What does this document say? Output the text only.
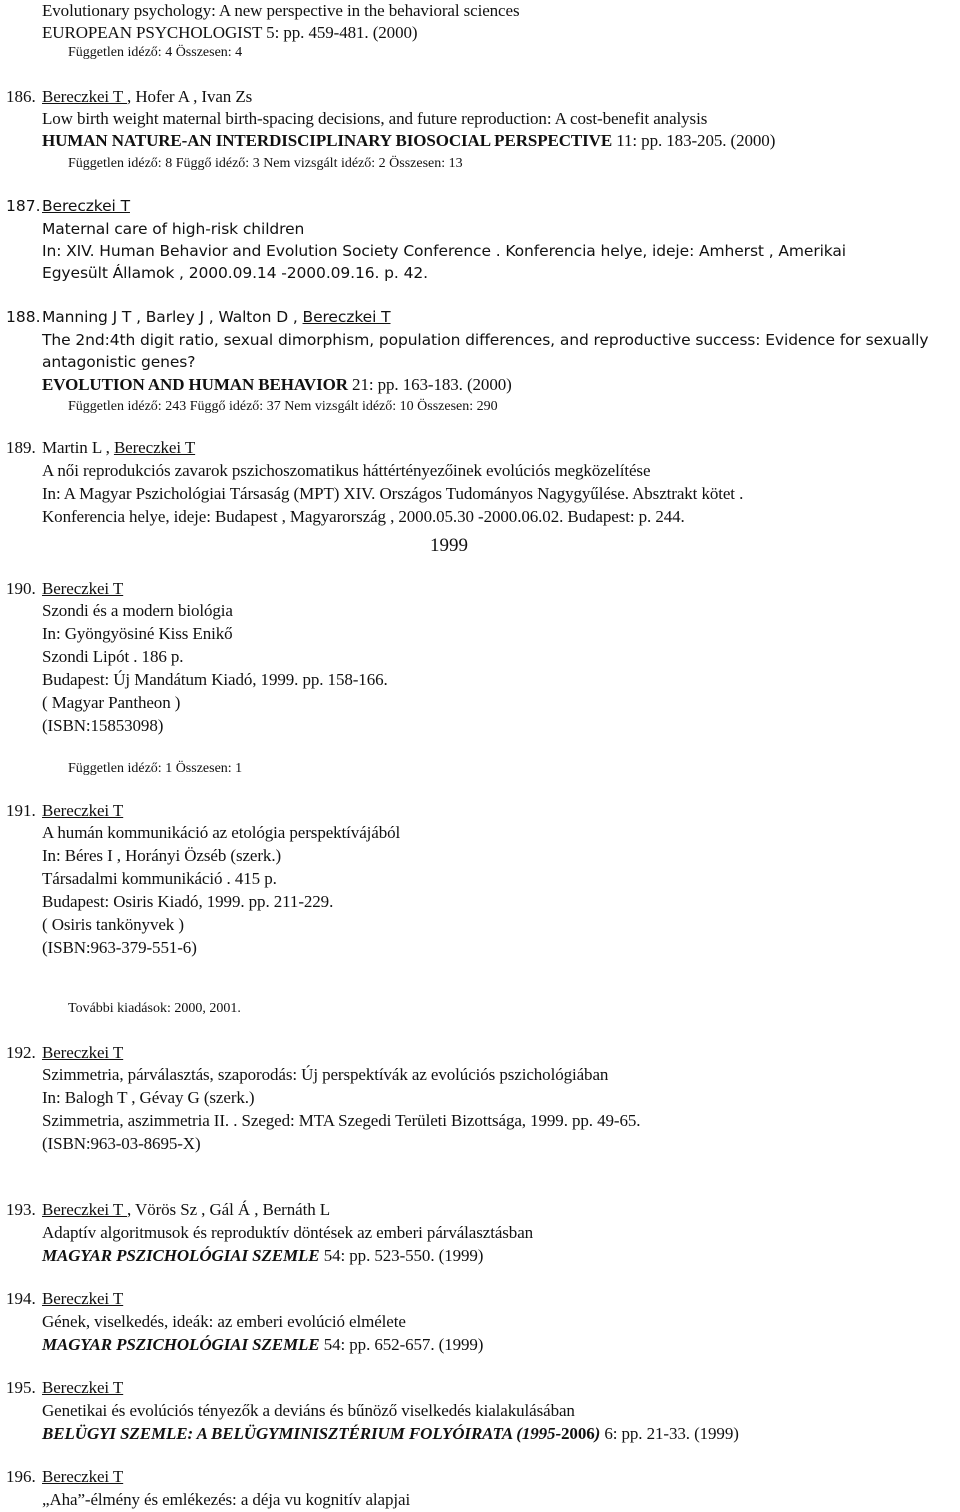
Evolutionary psychology: A new perspective in the behavioral sciences
EUROPEAN PSYCHOLOGIST 5: pp. 459-481. (2000)
Független idéző: 4 Összesen: 4
186. Bereczkei T , Hofer A , Ivan Zs
Low birth weight maternal birth-spacing decisions, and future reproduction: A cost-benefit analysis
HUMAN NATURE-AN INTERDISCIPLINARY BIOSOCIAL PERSPECTIVE 11: pp. 183-205. (2000)
Független idéző: 8 Függő idéző: 3 Nem vizsgált idéző: 2 Összesen: 13
187. Bereczkei T
Maternal care of high-risk children
In: XIV. Human Behavior and Evolution Society Conference . Konferencia helye, ideje: Amherst , Amerikai
Egyesült Államok , 2000.09.14 -2000.09.16. p. 42.
188. Manning J T , Barley J , Walton D , Bereczkei T
The 2nd:4th digit ratio, sexual dimorphism, population differences, and reproductive success: Evidence for sexually
antagonistic genes?
EVOLUTION AND HUMAN BEHAVIOR 21: pp. 163-183. (2000)
Független idéző: 243 Függő idéző: 37 Nem vizsgált idéző: 10 Összesen: 290
189. Martin L , Bereczkei T
A női reprodukciós zavarok pszichoszomatikus háttértényezőinek evolúciós megközelítése
In: A Magyar Pszichológiai Társaság (MPT) XIV. Országos Tudományos Nagygyűlése. Absztrakt kötet .
Konferencia helye, ideje: Budapest , Magyarország , 2000.05.30 -2000.06.02. Budapest: p. 244.
1999
190. Bereczkei T
Szondi és a modern biológia
In: Gyöngyösiné Kiss Enikő
Szondi Lipót . 186 p.
Budapest: Új Mandátum Kiadó, 1999. pp. 158-166.
( Magyar Pantheon )
(ISBN:15853098)
Független idéző: 1 Összesen: 1
191. Bereczkei T
A humán kommunikáció az etológia perspektívájából
In: Béres I , Horányi Özséb (szerk.)
Társadalmi kommunikáció . 415 p.
Budapest: Osiris Kiadó, 1999. pp. 211-229.
( Osiris tankönyvek )
(ISBN:963-379-551-6)
További kiadások: 2000, 2001.
192. Bereczkei T
Szimmetria, párválasztás, szaporodás: Új perspektívák az evolúciós pszichológiában
In: Balogh T , Gévay G (szerk.)
Szimmetria, aszimmetria II. . Szeged: MTA Szegedi Területi Bizottsága, 1999. pp. 49-65.
(ISBN:963-03-8695-X)
193. Bereczkei T , Vörös Sz , Gál Á , Bernáth L
Adaptív algoritmusok és reproduktív döntések az emberi párválasztásban
MAGYAR PSZICHOLÓGIAI SZEMLE 54: pp. 523-550. (1999)
194. Bereczkei T
Gének, viselkedés, ideák: az emberi evolúció elmélete
MAGYAR PSZICHOLÓGIAI SZEMLE 54: pp. 652-657. (1999)
195. Bereczkei T
Genetikai és evolúciós tényezők a deviáns és bűnöző viselkedés kialakulásában
BELÜGYI SZEMLE: A BELÜGYMINISZTÉRIUM FOLYÓIRATA (1995-2006) 6: pp. 21-33. (1999)
196. Bereczkei T
„Aha”-élmény és emlékezés: a déja vu kognitív alapjai
